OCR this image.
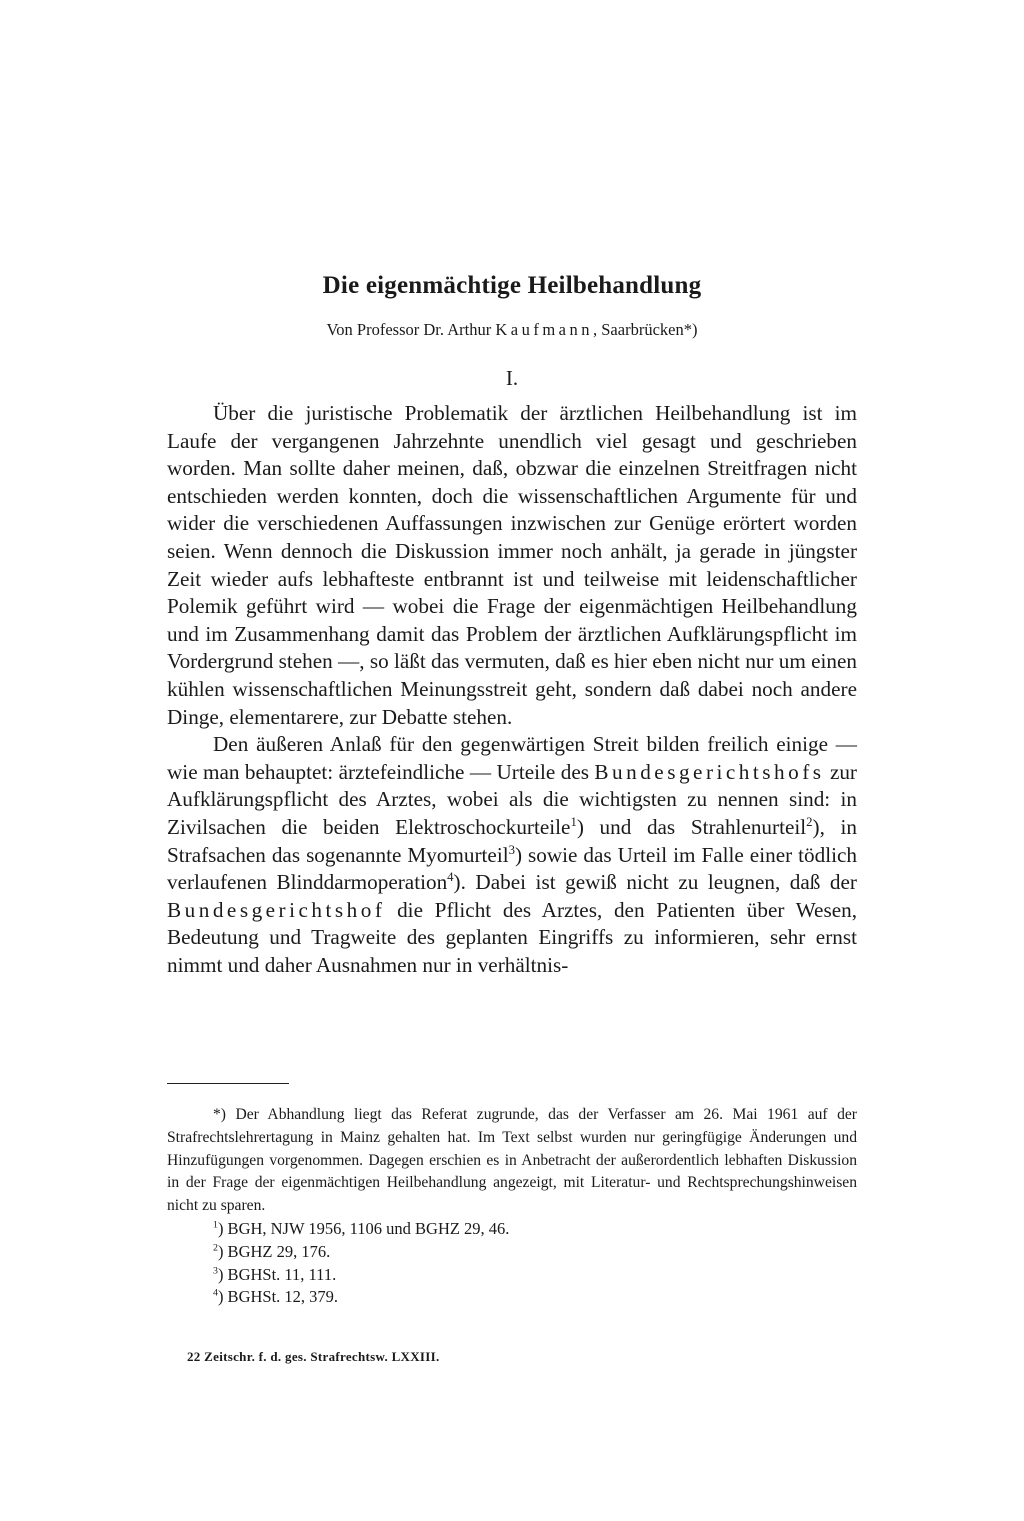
Die eigenmächtige Heilbehandlung
Von Professor Dr. Arthur Kaufmann, Saarbrücken*)
I.

Über die juristische Problematik der ärztlichen Heilbehandlung ist im Laufe der vergangenen Jahrzehnte unendlich viel gesagt und geschrieben worden. Man sollte daher meinen, daß, obzwar die einzelnen Streitfragen nicht entschieden werden konnten, doch die wissenschaftlichen Argumente für und wider die verschiedenen Auffassungen inzwischen zur Genüge erörtert worden seien. Wenn dennoch die Diskussion immer noch anhält, ja gerade in jüngster Zeit wieder aufs lebhafteste entbrannt ist und teilweise mit leidenschaftlicher Polemik geführt wird — wobei die Frage der eigenmächtigen Heilbehandlung und im Zusammenhang damit das Problem der ärztlichen Aufklärungspflicht im Vordergrund stehen —, so läßt das vermuten, daß es hier eben nicht nur um einen kühlen wissenschaftlichen Meinungsstreit geht, sondern daß dabei noch andere Dinge, elementarere, zur Debatte stehen.

Den äußeren Anlaß für den gegenwärtigen Streit bilden freilich einige — wie man behauptet: ärztefeindliche — Urteile des Bundesgerichtshofs zur Aufklärungspflicht des Arztes, wobei als die wichtigsten zu nennen sind: in Zivilsachen die beiden Elektroschockurteile$^1$) und das Strahlenurteil$^2$), in Strafsachen das sogenannte Myomurteil$^3$) sowie das Urteil im Falle einer tödlich verlaufenen Blinddarmoperation$^4$). Dabei ist gewiß nicht zu leugnen, daß der Bundesgerichtshof die Pflicht des Arztes, den Patienten über Wesen, Bedeutung und Tragweite des geplanten Eingriffs zu informieren, sehr ernst nimmt und daher Ausnahmen nur in verhältnis-

*) Der Abhandlung liegt das Referat zugrunde, das der Verfasser am 26. Mai 1961 auf der Strafrechtslehrertagung in Mainz gehalten hat. Im Text selbst wurden nur geringfügige Änderungen und Hinzufügungen vorgenommen. Dagegen erschien es in Anbetracht der außerordentlich lebhaften Diskussion in der Frage der eigenmächtigen Heilbehandlung angezeigt, mit Literatur- und Rechtsprechungshinweisen nicht zu sparen.

$^1$) BGH, NJW 1956, 1106 und BGHZ 29, 46.

$^2$) BGHZ 29, 176.

$^3$) BGHSt. 11, 111.

$^4$) BGHSt. 12, 379.

22 Zeitschr. f. d. ges. Strafrechtsw. LXXIII.
